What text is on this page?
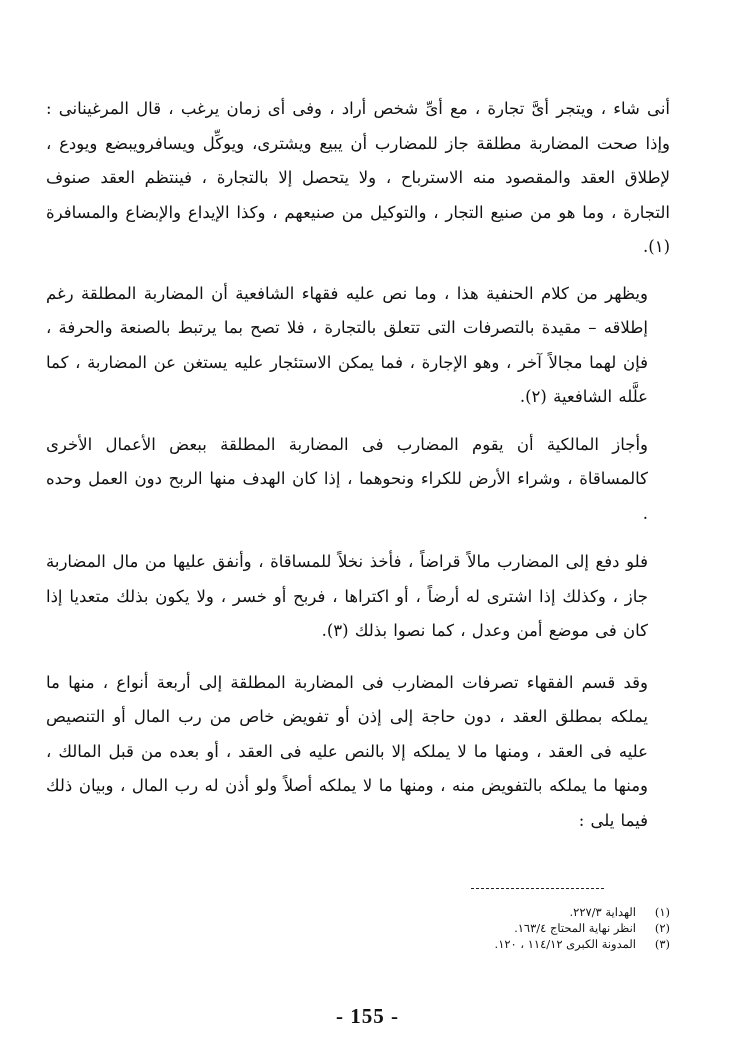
أنى شاء ، ويتجر أىَّ تجارة ، مع أىِّ شخص أراد ، وفى أى زمان يرغب ، قال المرغينانى : وإذا صحت المضاربة مطلقة جاز للمضارب أن يبيع ويشترى، ويوكِّل ويسافرويبضع ويودع ، لإطلاق العقد والمقصود منه الاسترباح ، ولا يتحصل إلا بالتجارة ، فينتظم العقد صنوف التجارة ، وما هو من صنيع التجار ، والتوكيل من صنيعهم ، وكذا الإيداع والإبضاع والمسافرة (١).

ويظهر من كلام الحنفية هذا ، وما نص عليه فقهاء الشافعية أن المضاربة المطلقة رغم إطلاقه – مقيدة بالتصرفات التى تتعلق بالتجارة ، فلا تصح بما يرتبط بالصنعة والحرفة ، فإن لهما مجالاً آخر ، وهو الإجارة ، فما يمكن الاستئجار عليه يستغن عن المضاربة ، كما علَّله الشافعية (٢).

وأجاز المالكية أن يقوم المضارب فى المضاربة المطلقة ببعض الأعمال الأخرى كالمساقاة ، وشراء الأرض للكراء ونحوهما ، إذا كان الهدف منها الربح دون العمل وحده .

فلو دفع إلى المضارب مالاً قراضاً ، فأخذ نخلاً للمساقاة ، وأنفق عليها من مال المضاربة جاز ، وكذلك إذا اشترى له أرضاً ، أو اكتراها ، فربح أو خسر ، ولا يكون بذلك متعديا إذا كان فى موضع أمن وعدل ، كما نصوا بذلك (٣).

وقد قسم الفقهاء تصرفات المضارب فى المضاربة المطلقة إلى أربعة أنواع ، منها ما يملكه بمطلق العقد ، دون حاجة إلى إذن أو تفويض خاص من رب المال أو التنصيص عليه فى العقد ، ومنها ما لا يملكه إلا بالنص عليه فى العقد ، أو بعده من قبل المالك ، ومنها ما يملكه بالتفويض منه ، ومنها ما لا يملكه أصلاً ولو أذن له رب المال ، وبيان ذلك فيما يلى :

(١)
الهداية ٢٢٧/٣.
(٢)
انظر نهاية المحتاج ١٦٣/٤.
(٣)
المدونة الكبرى ١١٤/١٢ ، ١٢٠.
- 155 -
